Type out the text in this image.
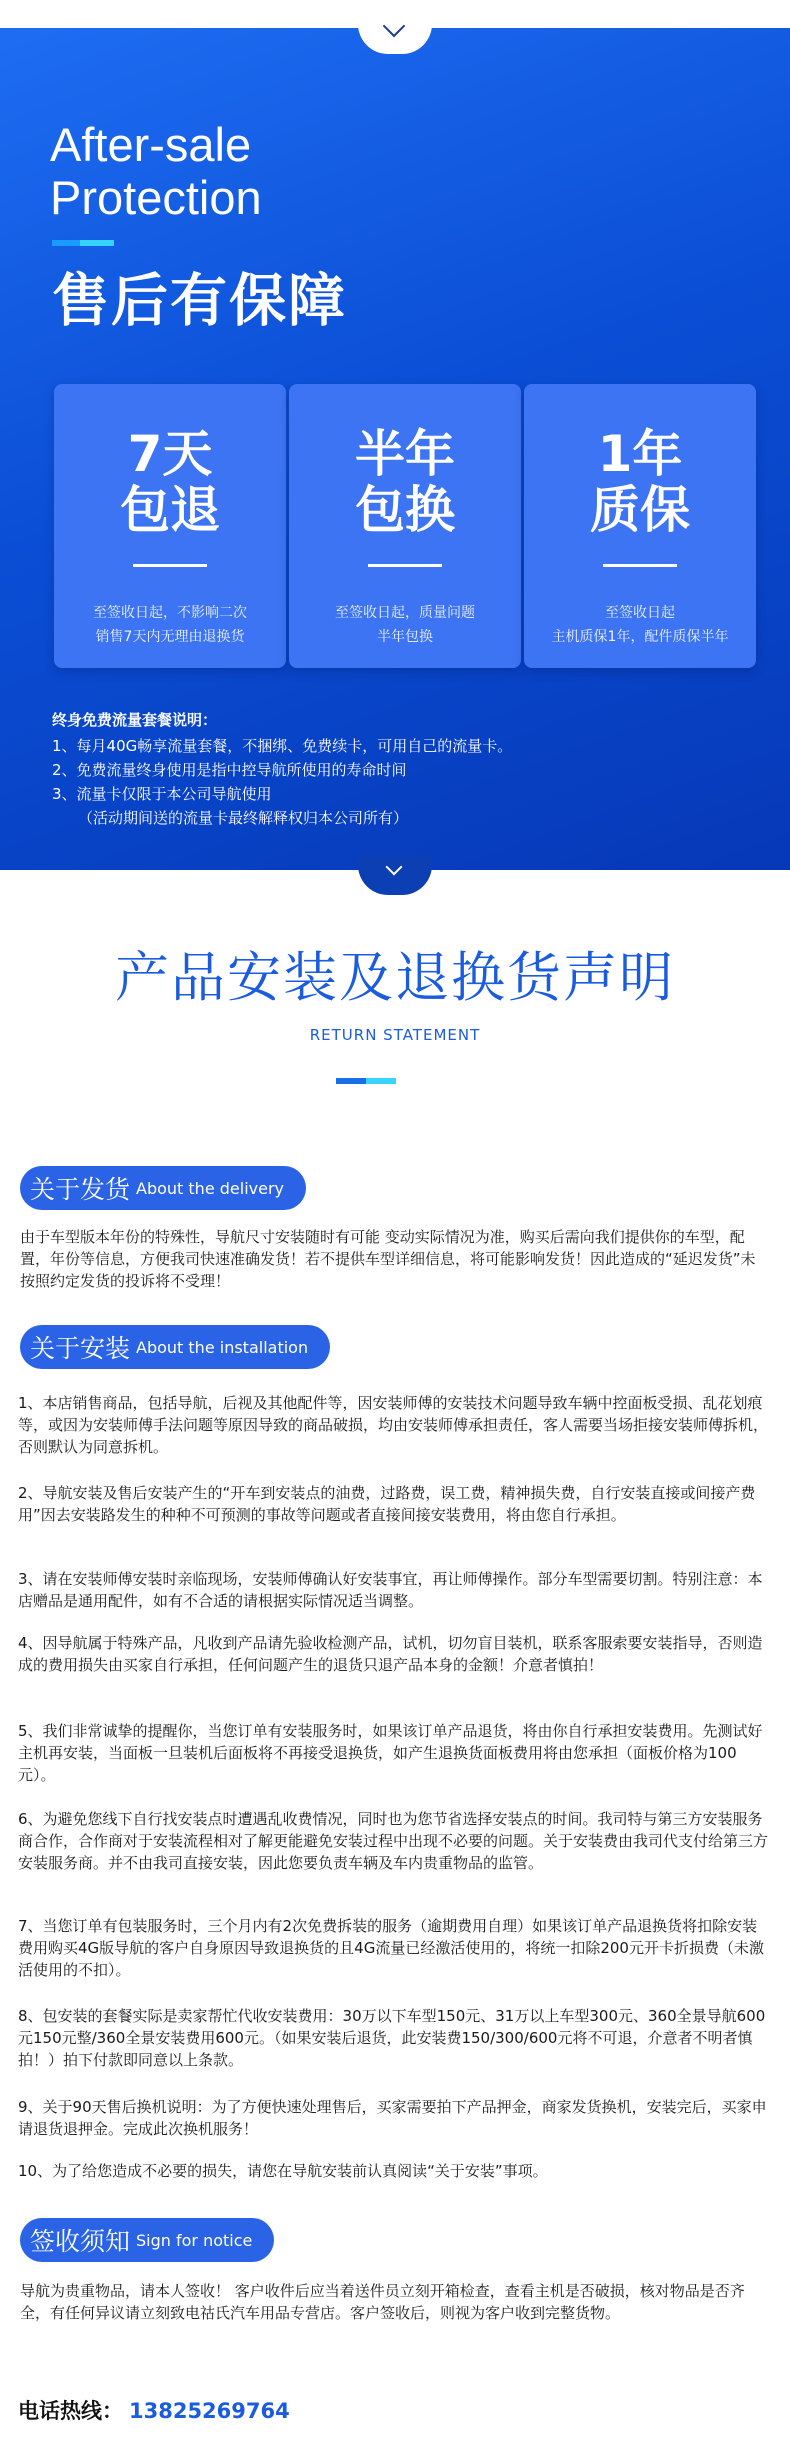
After-sale
Protection
售后有保障
7天
包退
至签收日起，不影响二次
销售7天内无理由退换货
半年
包换
至签收日起，质量问题
半年包换
1年
质保
至签收日起
主机质保1年，配件质保半年
终身免费流量套餐说明：
1、每月40G畅享流量套餐，不捆绑、免费续卡，可用自己的流量卡。
2、免费流量终身使用是指中控导航所使用的寿命时间
3、流量卡仅限于本公司导航使用
（活动期间送的流量卡最终解释权归本公司所有）
产品安装及退换货声明
RETURN STATEMENT
关于发货 About the delivery
由于车型版本年份的特殊性，导航尺寸安装随时有可能 变动实际情况为准，购买后需向我们提供你的车型，配置，年份等信息，方便我司快速准确发货！若不提供车型详细信息，将可能影响发货！因此造成的“延迟发货”未按照约定发货的投诉将不受理！
关于安装 About the installation
1、本店销售商品，包括导航，后视及其他配件等，因安装师傅的安装技术问题导致车辆中控面板受损、乱花划痕等，或因为安装师傅手法问题等原因导致的商品破损，均由安装师傅承担责任，客人需要当场拒接安装师傅拆机，否则默认为同意拆机。
2、导航安装及售后安装产生的“开车到安装点的油费，过路费，误工费，精神损失费，自行安装直接或间接产费用”因去安装路发生的种种不可预测的事故等问题或者直接间接安装费用，将由您自行承担。
3、请在安装师傅安装时亲临现场，安装师傅确认好安装事宜，再让师傅操作。部分车型需要切割。特别注意：本店赠品是通用配件，如有不合适的请根据实际情况适当调整。
4、因导航属于特殊产品，凡收到产品请先验收检测产品，试机，切勿盲目装机，联系客服索要安装指导，否则造成的费用损失由买家自行承担，任何问题产生的退货只退产品本身的金额！介意者慎拍！
5、我们非常诚挚的提醒你，当您订单有安装服务时，如果该订单产品退货，将由你自行承担安装费用。先测试好主机再安装，当面板一旦装机后面板将不再接受退换货，如产生退换货面板费用将由您承担（面板价格为100元）。
6、为避免您线下自行找安装点时遭遇乱收费情况，同时也为您节省选择安装点的时间。我司特与第三方安装服务商合作，合作商对于安装流程相对了解更能避免安装过程中出现不必要的问题。关于安装费由我司代支付给第三方安装服务商。并不由我司直接安装，因此您要负责车辆及车内贵重物品的监管。
7、当您订单有包装服务时，三个月内有2次免费拆装的服务（逾期费用自理）如果该订单产品退换货将扣除安装费用购买4G版导航的客户自身原因导致退换货的且4G流量已经激活使用的，将统一扣除200元开卡折损费（未激活使用的不扣）。
8、包安装的套餐实际是卖家帮忙代收安装费用：30万以下车型150元、31万以上车型300元、360全景导航600元150元整/360全景安装费用600元。（如果安装后退货，此安装费150/300/600元将不可退，介意者不明者慎拍！）拍下付款即同意以上条款。
9、关于90天售后换机说明：为了方便快速处理售后，买家需要拍下产品押金，商家发货换机，安装完后，买家申请退货退押金。完成此次换机服务！
10、为了给您造成不必要的损失，请您在导航安装前认真阅读“关于安装”事项。
签收须知 Sign for notice
导航为贵重物品，请本人签收！ 客户收件后应当着送件员立刻开箱检查，查看主机是否破损，核对物品是否齐全，有任何异议请立刻致电祜氏汽车用品专营店。客户签收后，则视为客户收到完整货物。
电话热线： 13825269764
